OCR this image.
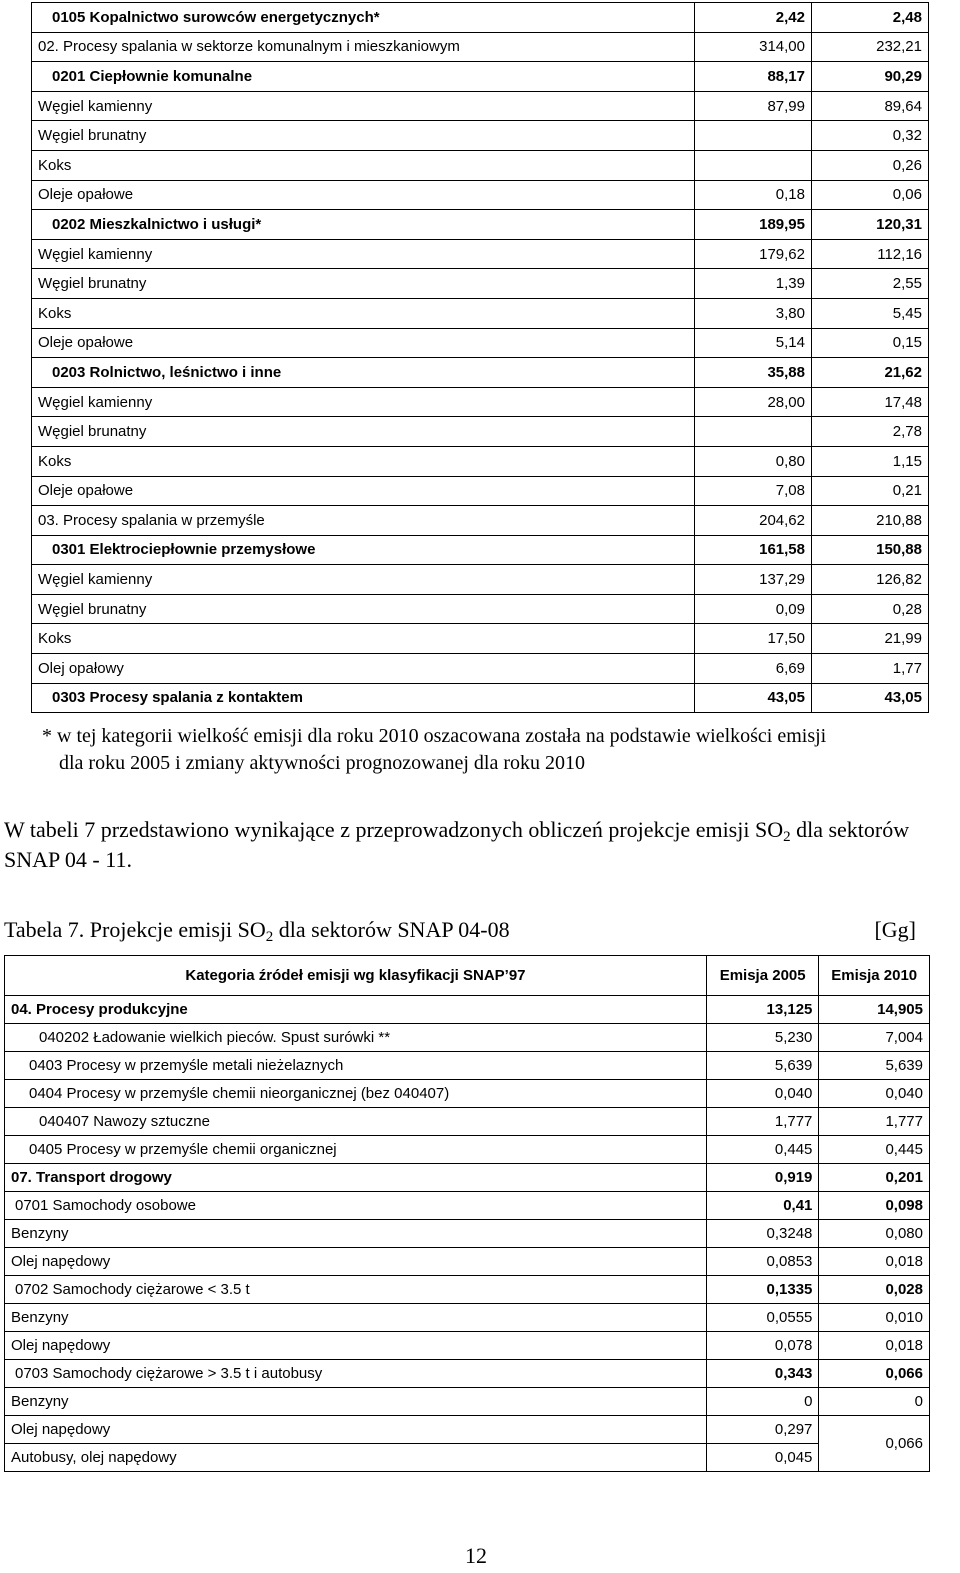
0105 Kopalnictwo surowców energetycznych*	2,42	2,48
02. Procesy spalania w sektorze komunalnym i mieszkaniowym	314,00	232,21
0201 Ciepłownie komunalne	88,17	90,29
Węgiel kamienny	87,99	89,64
Węgiel brunatny		0,32
Koks		0,26
Oleje opałowe	0,18	0,06
0202 Mieszkalnictwo i usługi*	189,95	120,31
Węgiel kamienny	179,62	112,16
Węgiel brunatny	1,39	2,55
Koks	3,80	5,45
Oleje opałowe	5,14	0,15
0203 Rolnictwo, leśnictwo i inne	35,88	21,62
Węgiel kamienny	28,00	17,48
Węgiel brunatny		2,78
Koks	0,80	1,15
Oleje opałowe	7,08	0,21
03. Procesy spalania w przemyśle	204,62	210,88
0301 Elektrociepłownie przemysłowe	161,58	150,88
Węgiel kamienny	137,29	126,82
Węgiel brunatny	0,09	0,28
Koks	17,50	21,99
Olej opałowy	6,69	1,77
0303 Procesy spalania z kontaktem	43,05	43,05
* w tej kategorii wielkość emisji dla roku 2010 oszacowana została na podstawie wielkości emisji
dla roku 2005 i zmiany aktywności prognozowanej dla roku 2010
W tabeli 7 przedstawiono wynikające z przeprowadzonych obliczeń projekcje emisji $SO_2$ dla sektorów SNAP 04 - 11.
Tabela 7. Projekcje emisji $SO_2$ dla sektorów SNAP 04-08	[Gg]
Kategoria źródeł emisji wg klasyfikacji SNAP’97	Emisja 2005	Emisja 2010
04. Procesy produkcyjne	13,125	14,905
040202 Ładowanie wielkich pieców. Spust surówki **	5,230	7,004
0403 Procesy w przemyśle metali nieżelaznych	5,639	5,639
0404 Procesy w przemyśle chemii nieorganicznej (bez 040407)	0,040	0,040
040407 Nawozy sztuczne	1,777	1,777
0405 Procesy w przemyśle chemii organicznej	0,445	0,445
07. Transport drogowy	0,919	0,201
0701 Samochody osobowe	0,41	0,098
Benzyny	0,3248	0,080
Olej napędowy	0,0853	0,018
0702 Samochody ciężarowe < 3.5 t	0,1335	0,028
Benzyny	0,0555	0,010
Olej napędowy	0,078	0,018
0703 Samochody ciężarowe > 3.5 t i autobusy	0,343	0,066
Benzyny	0	0
Olej napędowy	0,297	0,066
Autobusy, olej napędowy	0,045	
12
